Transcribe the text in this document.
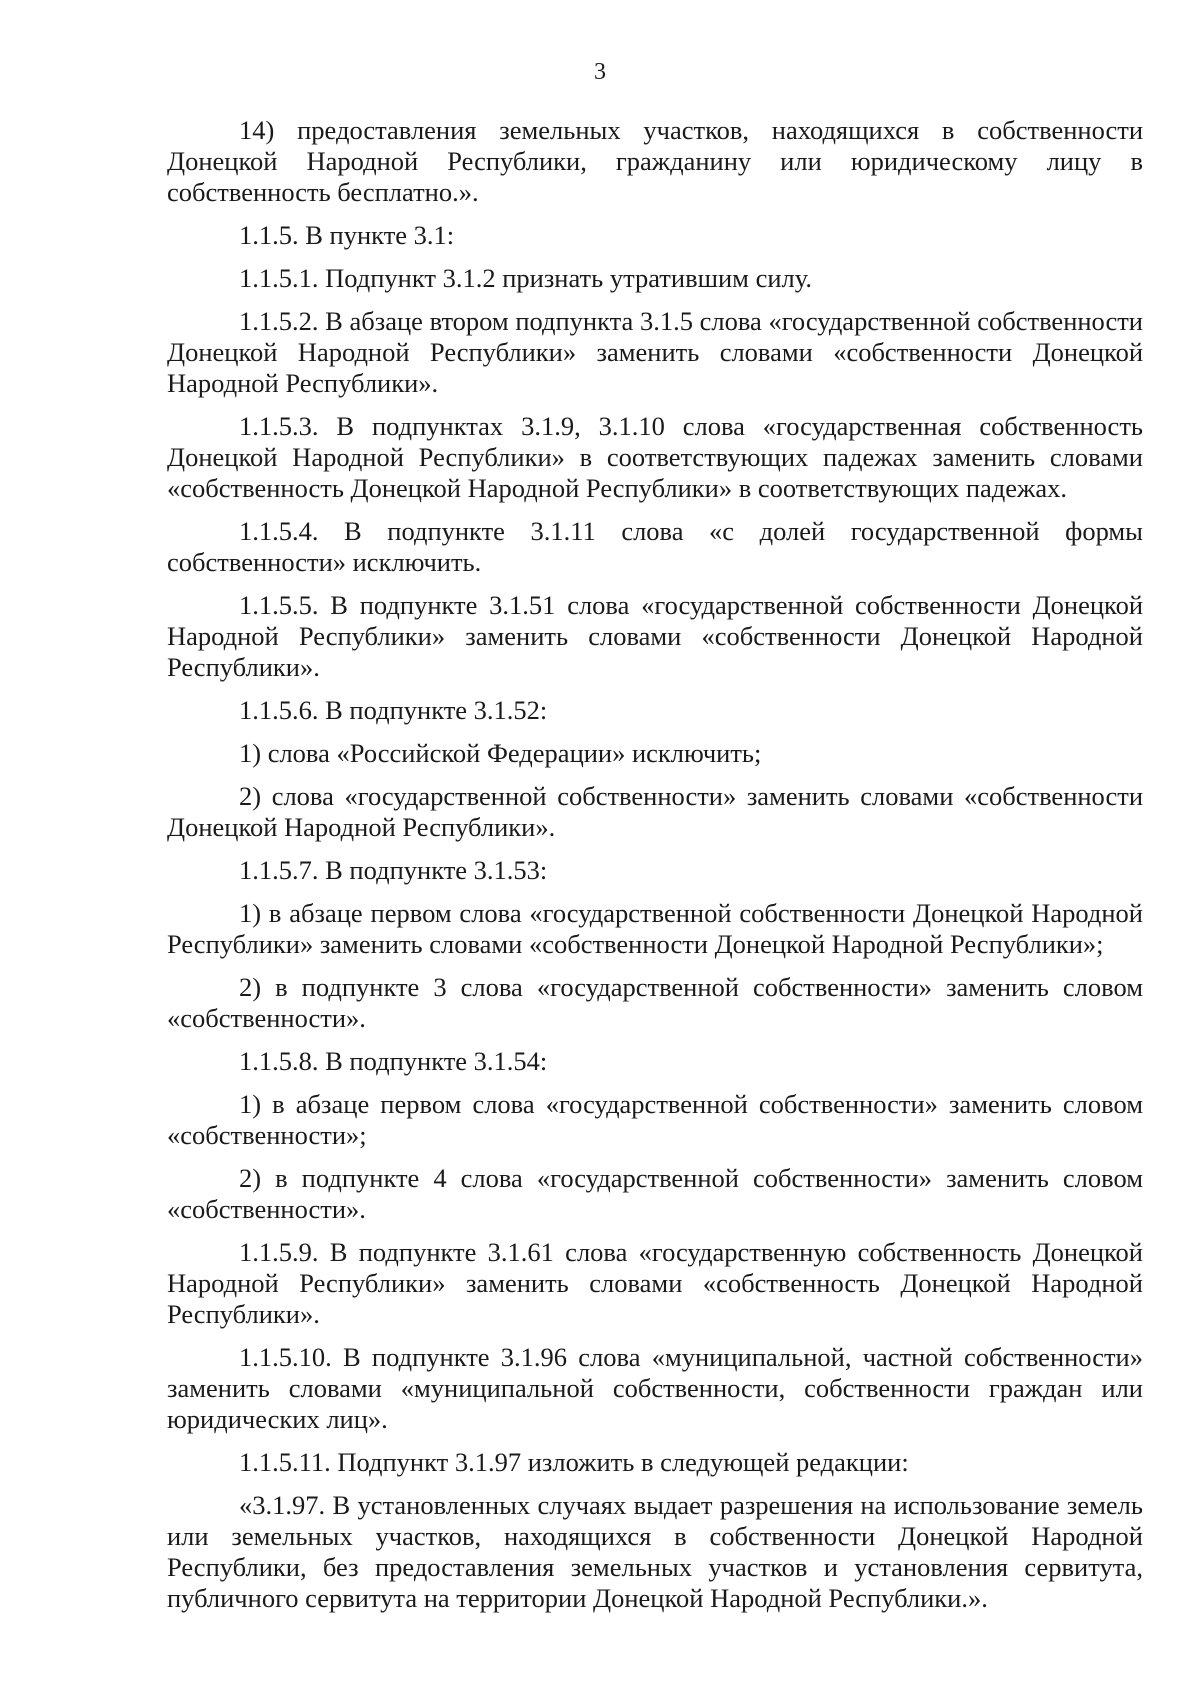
3

14) предоставления земельных участков, находящихся в собственности Донецкой Народной Республики, гражданину или юридическому лицу в собственность бесплатно.».

1.1.5. В пункте 3.1:

1.1.5.1. Подпункт 3.1.2 признать утратившим силу.

1.1.5.2. В абзаце втором подпункта 3.1.5 слова «государственной собственности Донецкой Народной Республики» заменить словами «собственности Донецкой Народной Республики».

1.1.5.3. В подпунктах 3.1.9, 3.1.10 слова «государственная собственность Донецкой Народной Республики» в соответствующих падежах заменить словами «собственность Донецкой Народной Республики» в соответствующих падежах.

1.1.5.4. В подпункте 3.1.11 слова «с долей государственной формы собственности» исключить.

1.1.5.5. В подпункте 3.1.51 слова «государственной собственности Донецкой Народной Республики» заменить словами «собственности Донецкой Народной Республики».

1.1.5.6. В подпункте 3.1.52:

1) слова «Российской Федерации» исключить;

2) слова «государственной собственности» заменить словами «собственности Донецкой Народной Республики».

1.1.5.7. В подпункте 3.1.53:

1) в абзаце первом слова «государственной собственности Донецкой Народной Республики» заменить словами «собственности Донецкой Народной Республики»;

2) в подпункте 3 слова «государственной собственности» заменить словом «собственности».

1.1.5.8. В подпункте 3.1.54:

1) в абзаце первом слова «государственной собственности» заменить словом «собственности»;

2) в подпункте 4 слова «государственной собственности» заменить словом «собственности».

1.1.5.9. В подпункте 3.1.61 слова «государственную собственность Донецкой Народной Республики» заменить словами «собственность Донецкой Народной Республики».

1.1.5.10. В подпункте 3.1.96 слова «муниципальной, частной собственности» заменить словами «муниципальной собственности, собственности граждан или юридических лиц».

1.1.5.11. Подпункт 3.1.97 изложить в следующей редакции:

«3.1.97. В установленных случаях выдает разрешения на использование земель или земельных участков, находящихся в собственности Донецкой Народной Республики, без предоставления земельных участков и установления сервитута, публичного сервитута на территории Донецкой Народной Республики.».
